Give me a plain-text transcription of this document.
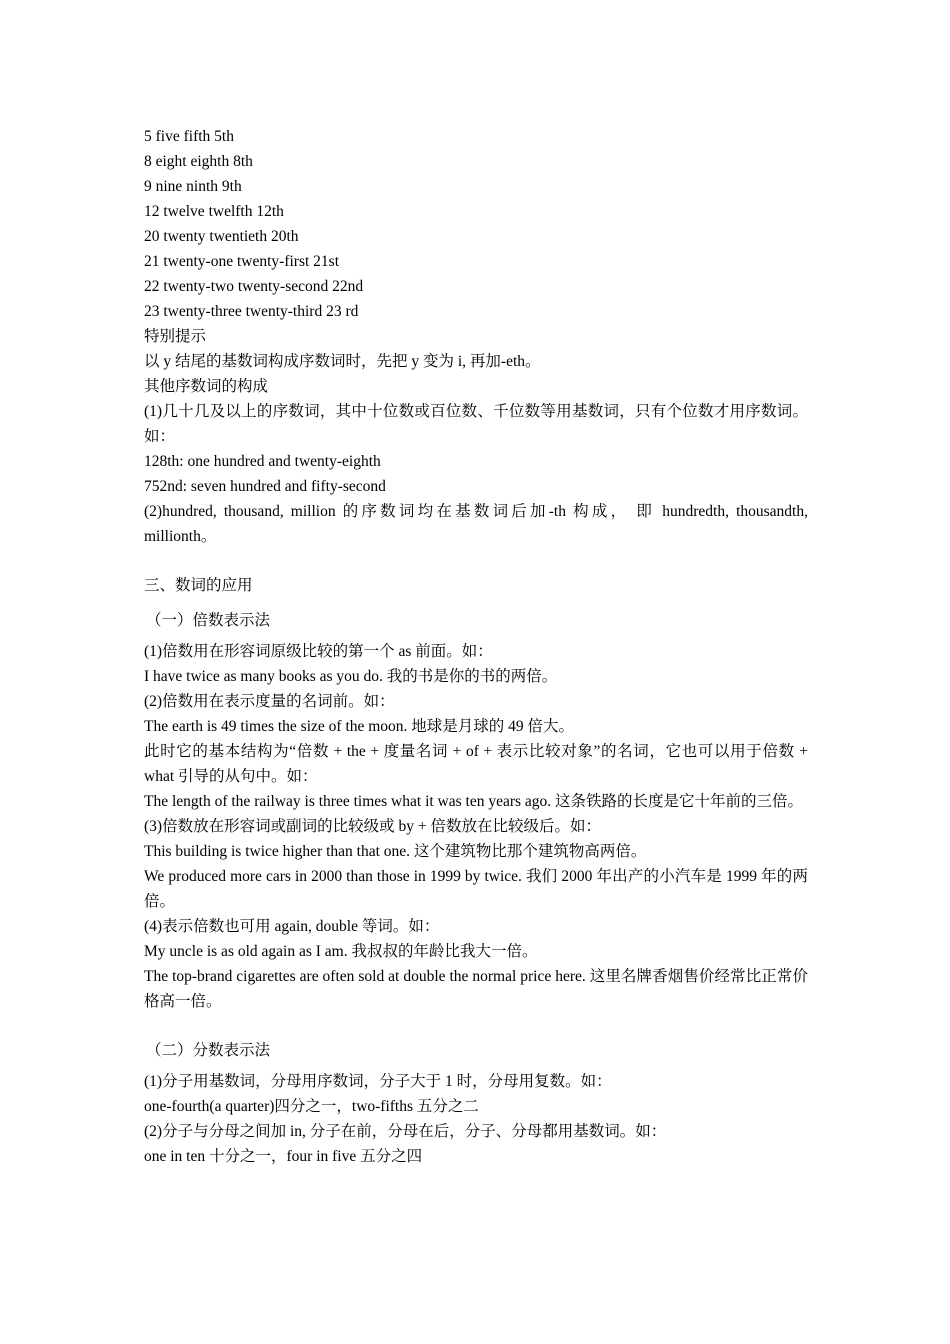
5 five fifth 5th
8 eight eighth 8th
9 nine ninth 9th
12 twelve twelfth 12th
20 twenty twentieth 20th
21 twenty-one twenty-first 21st
22 twenty-two twenty-second 22nd
23 twenty-three twenty-third 23 rd
特别提示
以 y 结尾的基数词构成序数词时，先把 y 变为 i, 再加-eth。
其他序数词的构成
(1)几十几及以上的序数词，其中十位数或百位数、千位数等用基数词，只有个位数才用序数词。如：
128th: one hundred and twenty-eighth
752nd: seven hundred and fifty-second
(2)hundred, thousand, million 的序数词均在基数词后加-th 构成， 即 hundredth, thousandth, millionth。
三、数词的应用
（一）倍数表示法
(1)倍数用在形容词原级比较的第一个 as 前面。如：
I have twice as many books as you do. 我的书是你的书的两倍。
(2)倍数用在表示度量的名词前。如：
The earth is 49 times the size of the moon. 地球是月球的 49 倍大。
此时它的基本结构为“倍数 + the + 度量名词 + of + 表示比较对象”的名词，它也可以用于倍数 + what 引导的从句中。如：
The length of the railway is three times what it was ten years ago. 这条铁路的长度是它十年前的三倍。
(3)倍数放在形容词或副词的比较级或 by + 倍数放在比较级后。如：
This building is twice higher than that one. 这个建筑物比那个建筑物高两倍。
We produced more cars in 2000 than those in 1999 by twice. 我们 2000 年出产的小汽车是 1999 年的两倍。
(4)表示倍数也可用 again, double 等词。如：
My uncle is as old again as I am. 我叔叔的年龄比我大一倍。
The top-brand cigarettes are often sold at double the normal price here. 这里名牌香烟售价经常比正常价格高一倍。
（二）分数表示法
(1)分子用基数词，分母用序数词，分子大于 1 时，分母用复数。如：
one-fourth(a quarter)四分之一，two-fifths 五分之二
(2)分子与分母之间加 in, 分子在前，分母在后，分子、分母都用基数词。如：
one in ten 十分之一，four in five 五分之四
